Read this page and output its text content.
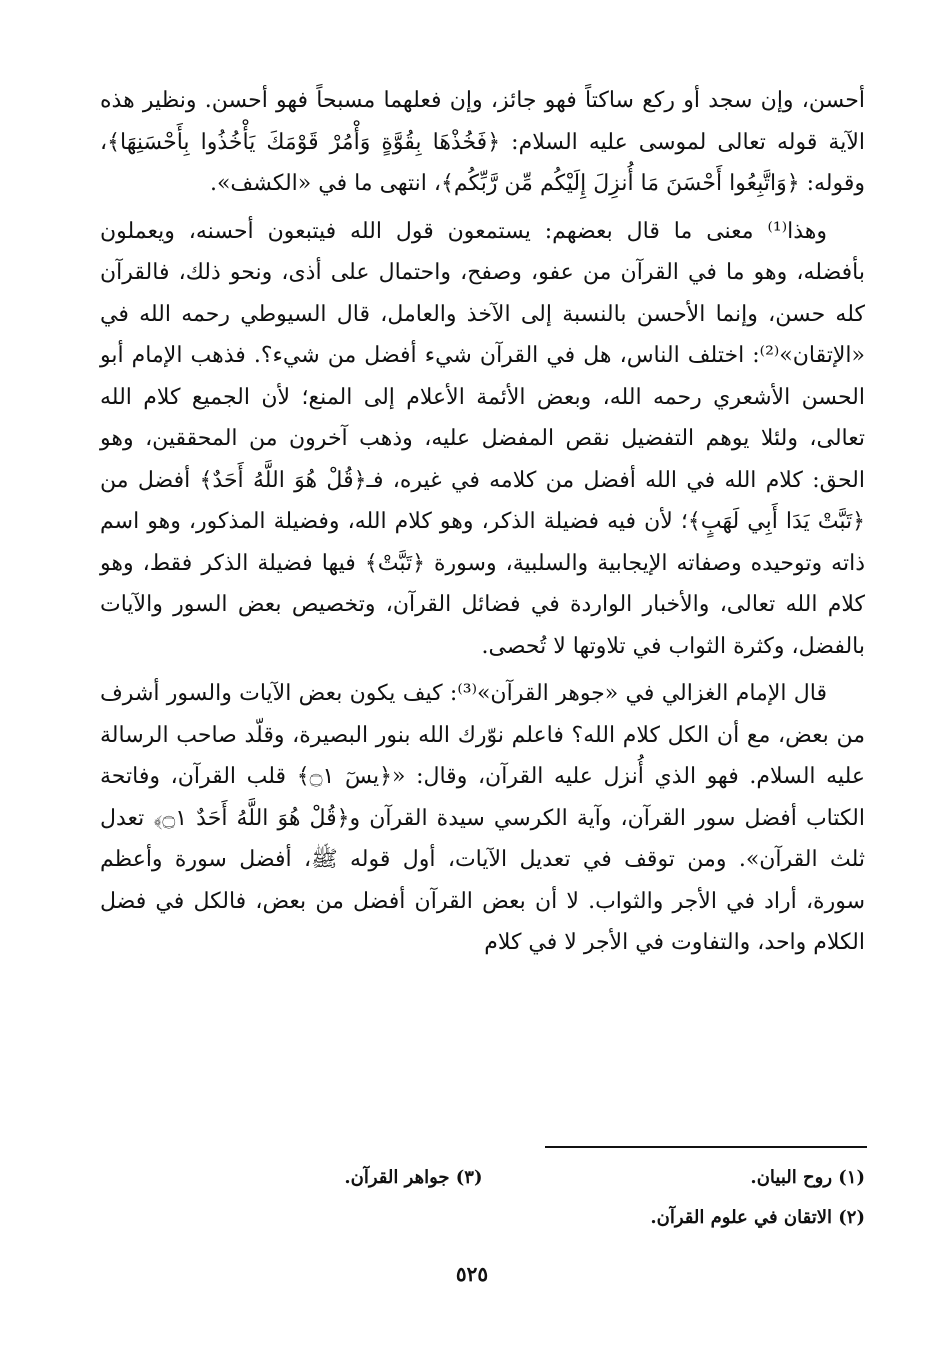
أحسن، وإن سجد أو ركع ساكتاً فهو جائز، وإن فعلهما مسبحاً فهو أحسن. ونظير هذه الآية قوله تعالى لموسى عليه السلام: ﴿فَخُذْهَا بِقُوَّةٍ وَأْمُرْ قَوْمَكَ يَأْخُذُوا بِأَحْسَنِهَا﴾، وقوله: ﴿وَاتَّبِعُوا أَحْسَنَ مَا أُنزِلَ إِلَيْكُم مِّن رَّبِّكُم﴾، انتهى ما في «الكشف».

وهذا⁽¹⁾ معنى ما قال بعضهم: يستمعون قول الله فيتبعون أحسنه، ويعملون بأفضله، وهو ما في القرآن من عفو، وصفح، واحتمال على أذى، ونحو ذلك، فالقرآن كله حسن، وإنما الأحسن بالنسبة إلى الآخذ والعامل، قال السيوطي رحمه الله في «الإتقان»⁽²⁾: اختلف الناس، هل في القرآن شيء أفضل من شيء؟. فذهب الإمام أبو الحسن الأشعري رحمه الله، وبعض الأئمة الأعلام إلى المنع؛ لأن الجميع كلام الله تعالى، ولئلا يوهم التفضيل نقص المفضل عليه، وذهب آخرون من المحققين، وهو الحق: كلام الله في الله أفضل من كلامه في غيره، فـ﴿قُلْ هُوَ اللَّهُ أَحَدٌ﴾ أفضل من ﴿تَبَّتْ يَدَا أَبِي لَهَبٍ﴾؛ لأن فيه فضيلة الذكر، وهو كلام الله، وفضيلة المذكور، وهو اسم ذاته وتوحيده وصفاته الإيجابية والسلبية، وسورة ﴿تَبَّتْ﴾ فيها فضيلة الذكر فقط، وهو كلام الله تعالى، والأخبار الواردة في فضائل القرآن، وتخصيص بعض السور والآيات بالفضل، وكثرة الثواب في تلاوتها لا تُحصى.

قال الإمام الغزالي في «جوهر القرآن»⁽³⁾: كيف يكون بعض الآيات والسور أشرف من بعض، مع أن الكل كلام الله؟ فاعلم نوّرك الله بنور البصيرة، وقلّد صاحب الرسالة عليه السلام. فهو الذي أُنزل عليه القرآن، وقال: «﴿يسٓ ۝١﴾ قلب القرآن، وفاتحة الكتاب أفضل سور القرآن، وآية الكرسي سيدة القرآن و﴿قُلْ هُوَ اللَّهُ أَحَدٌ ۝١﴾ تعدل ثلث القرآن». ومن توقف في تعديل الآيات، أول قوله ﷺ، أفضل سورة وأعظم سورة، أراد في الأجر والثواب. لا أن بعض القرآن أفضل من بعض، فالكل في فضل الكلام واحد، والتفاوت في الأجر لا في كلام

(١) روح البيان.
(٣) جواهر القرآن.
(٢) الاتقان في علوم القرآن.
٥٢٥
